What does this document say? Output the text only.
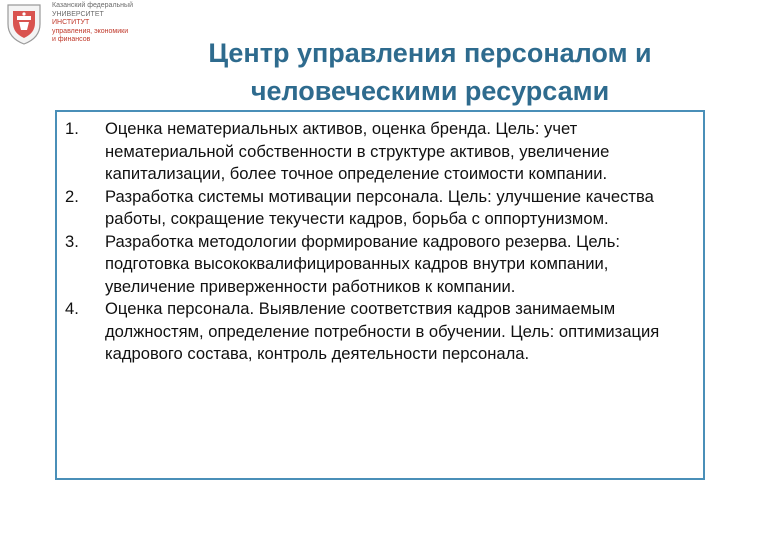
Казанский федеральный
УНИВЕРСИТЕТ
ИНСТИТУТ
управления, экономики
и финансов	Центр управления персоналом и
человеческими ресурсами
1. Оценка нематериальных активов, оценка бренда. Цель: учет нематериальной собственности в структуре активов, увеличение капитализации, более точное определение стоимости компании.
2. Разработка системы мотивации персонала. Цель: улучшение качества работы, сокращение текучести кадров, борьба с оппортунизмом.
3. Разработка методологии формирование кадрового резерва. Цель: подготовка высококвалифицированных кадров внутри компании, увеличение приверженности работников к компании.
4. Оценка персонала. Выявление соответствия кадров занимаемым должностям, определение потребности в обучении. Цель: оптимизация кадрового состава, контроль деятельности персонала.
